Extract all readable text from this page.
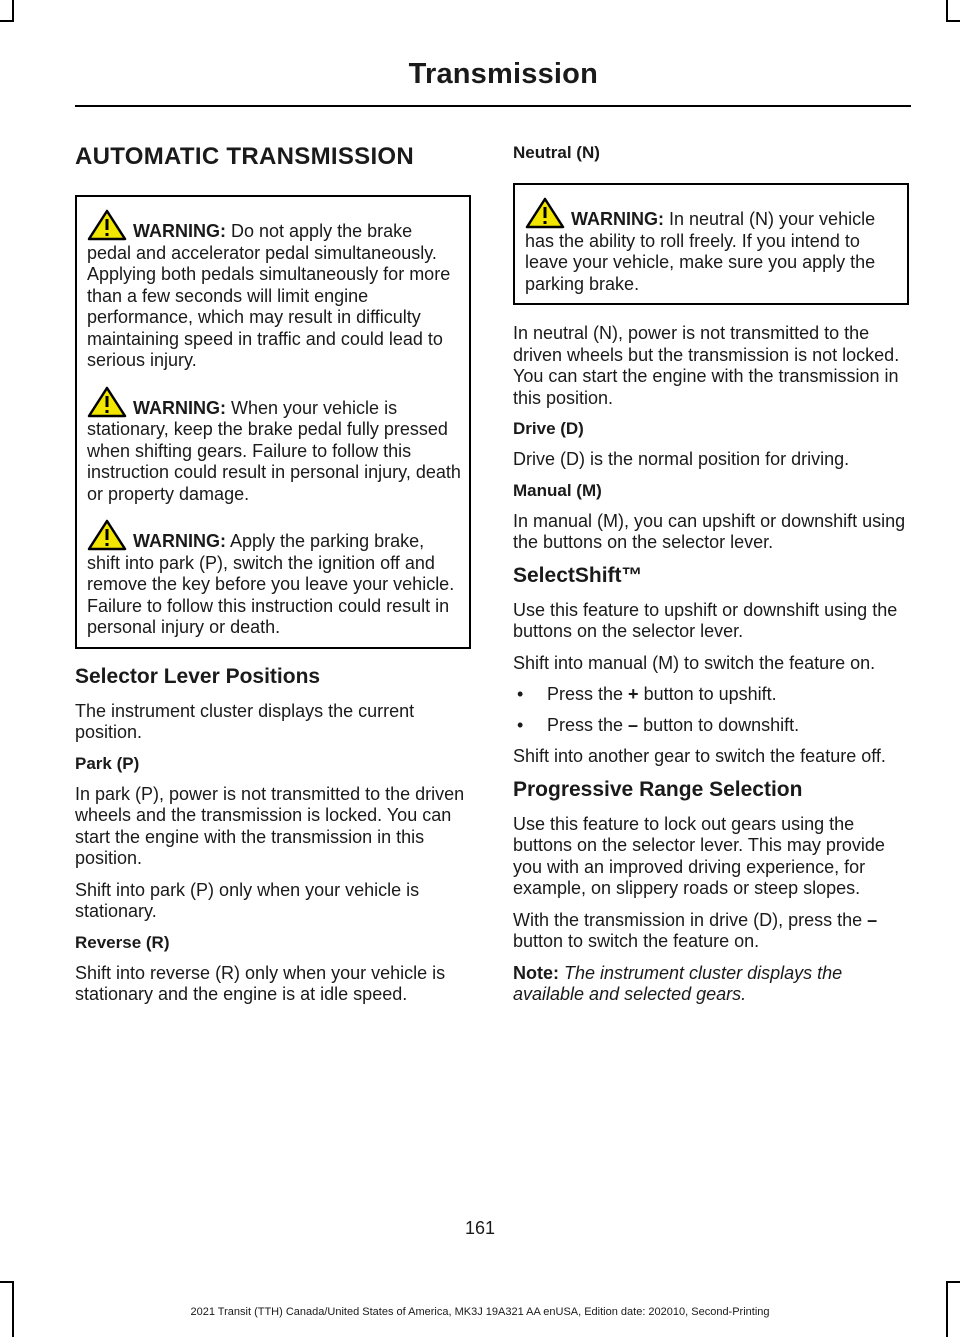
Transmission
AUTOMATIC TRANSMISSION
WARNING: Do not apply the brake pedal and accelerator pedal simultaneously. Applying both pedals simultaneously for more than a few seconds will limit engine performance, which may result in difficulty maintaining speed in traffic and could lead to serious injury.
WARNING: When your vehicle is stationary, keep the brake pedal fully pressed when shifting gears. Failure to follow this instruction could result in personal injury, death or property damage.
WARNING: Apply the parking brake, shift into park (P), switch the ignition off and remove the key before you leave your vehicle. Failure to follow this instruction could result in personal injury or death.
Selector Lever Positions

The instrument cluster displays the current position.

Park (P)

In park (P), power is not transmitted to the driven wheels and the transmission is locked. You can start the engine with the transmission in this position.

Shift into park (P) only when your vehicle is stationary.

Reverse (R)

Shift into reverse (R) only when your vehicle is stationary and the engine is at idle speed.

Neutral (N)
WARNING: In neutral (N) your vehicle has the ability to roll freely. If you intend to leave your vehicle, make sure you apply the parking brake.

In neutral (N), power is not transmitted to the driven wheels but the transmission is not locked. You can start the engine with the transmission in this position.

Drive (D)

Drive (D) is the normal position for driving.

Manual (M)

In manual (M), you can upshift or downshift using the buttons on the selector lever.

SelectShift™

Use this feature to upshift or downshift using the buttons on the selector lever.

Shift into manual (M) to switch the feature on.

• Press the + button to upshift.
• Press the – button to downshift.

Shift into another gear to switch the feature off.

Progressive Range Selection

Use this feature to lock out gears using the buttons on the selector lever. This may provide you with an improved driving experience, for example, on slippery roads or steep slopes.

With the transmission in drive (D), press the – button to switch the feature on.

Note: The instrument cluster displays the available and selected gears.

161
2021 Transit (TTH) Canada/United States of America, MK3J 19A321 AA enUSA, Edition date: 202010, Second-Printing
